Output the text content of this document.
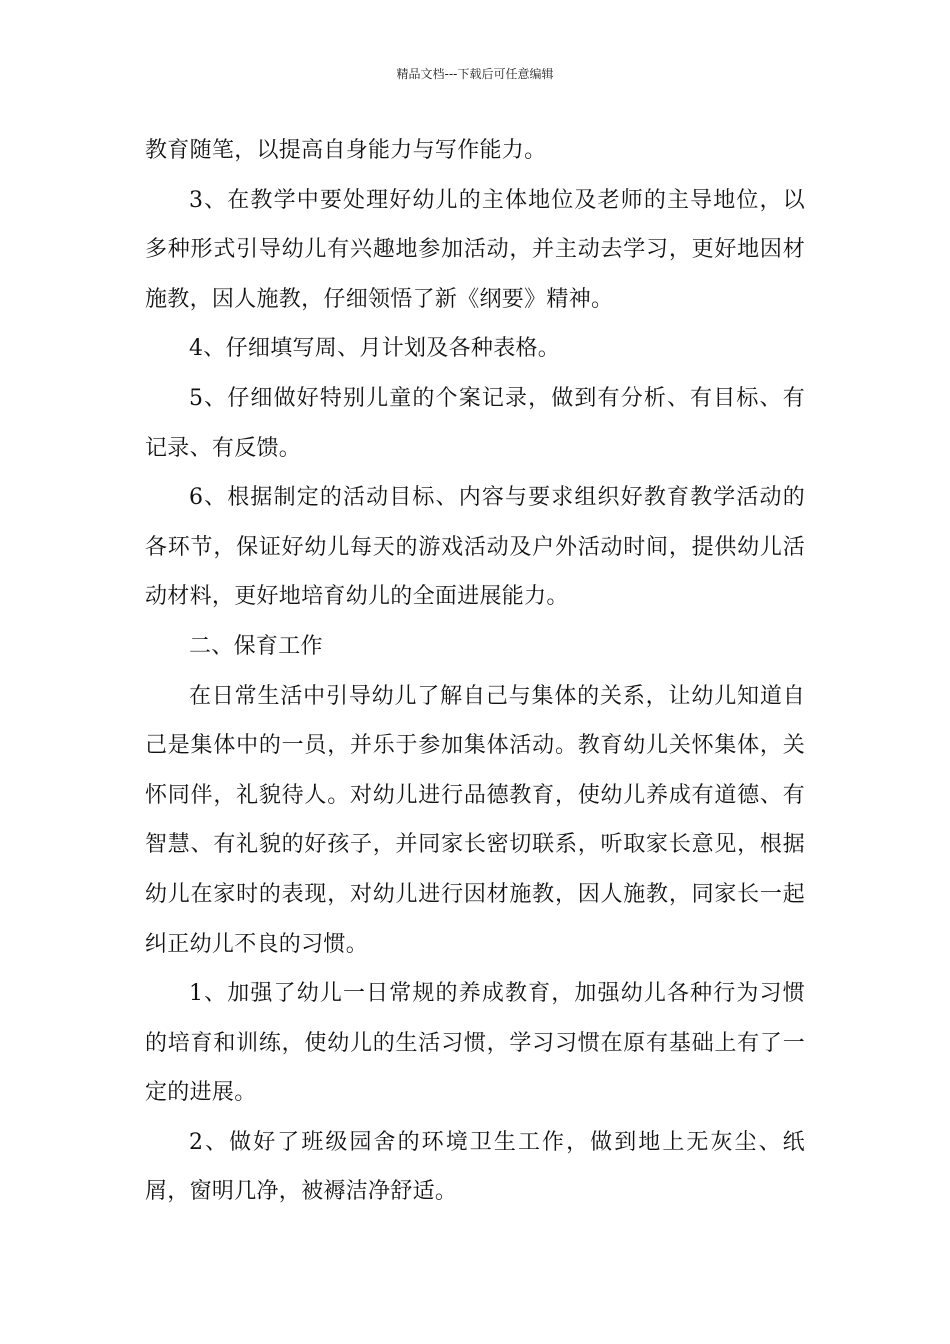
精品文档---下载后可任意编辑

教育随笔，以提高自身能力与写作能力。

3、在教学中要处理好幼儿的主体地位及老师的主导地位，以多种形式引导幼儿有兴趣地参加活动，并主动去学习，更好地因材施教，因人施教，仔细领悟了新《纲要》精神。

4、仔细填写周、月计划及各种表格。

5、仔细做好特别儿童的个案记录，做到有分析、有目标、有记录、有反馈。

6、根据制定的活动目标、内容与要求组织好教育教学活动的各环节，保证好幼儿每天的游戏活动及户外活动时间，提供幼儿活动材料，更好地培育幼儿的全面进展能力。

二、保育工作

在日常生活中引导幼儿了解自己与集体的关系，让幼儿知道自己是集体中的一员，并乐于参加集体活动。教育幼儿关怀集体，关怀同伴，礼貌待人。对幼儿进行品德教育，使幼儿养成有道德、有智慧、有礼貌的好孩子，并同家长密切联系，听取家长意见，根据幼儿在家时的表现，对幼儿进行因材施教，因人施教，同家长一起纠正幼儿不良的习惯。

1、加强了幼儿一日常规的养成教育，加强幼儿各种行为习惯的培育和训练，使幼儿的生活习惯，学习习惯在原有基础上有了一定的进展。

2、做好了班级园舍的环境卫生工作，做到地上无灰尘、纸屑，窗明几净，被褥洁净舒适。
